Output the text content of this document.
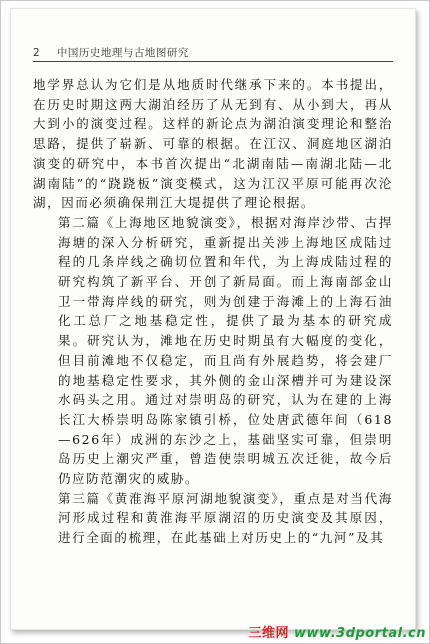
2 中国历史地理与古地图研究

地学界总认为它们是从地质时代继承下来的。本书提出，在历史时期这两大湖泊经历了从无到有、从小到大，再从大到小的演变过程。这样的新论点为湖泊演变理论和整治思路，提供了崭新、可靠的根据。在江汉、洞庭地区湖泊演变的研究中，本书首次提出“北湖南陆—南湖北陆—北湖南陆”的“跷跷板”演变模式，这为江汉平原可能再次沦湖，因而必须确保荆江大堤提供了理论根据。

第二篇《上海地区地貌演变》，根据对海岸沙带、古捍海塘的深入分析研究，重新提出关涉上海地区成陆过程的几条岸线之确切位置和年代，为上海成陆过程的研究构筑了新平台、开创了新局面。而上海南部金山卫一带海岸线的研究，则为创建于海滩上的上海石油化工总厂之地基稳定性，提供了最为基本的研究成果。研究认为，滩地在历史时期虽有大幅度的变化，但目前滩地不仅稳定，而且尚有外展趋势，将会建厂的地基稳定性要求，其外侧的金山深槽并可为建设深水码头之用。通过对崇明岛的研究，认为在建的上海长江大桥崇明岛陈家镇引桥，位处唐武德年间（618—626年）成洲的东沙之上，基础坚实可靠，但崇明岛历史上潮灾严重，曾造使崇明城五次迁徙，故今后仍应防范潮灾的威胁。

第三篇《黄淮海平原河湖地貌演变》，重点是对当代海河形成过程和黄淮海平原湖沼的历史演变及其原因，进行全面的梳理，在此基础上对历史上的“九河”及其

三维网 www.3dportal.cn
